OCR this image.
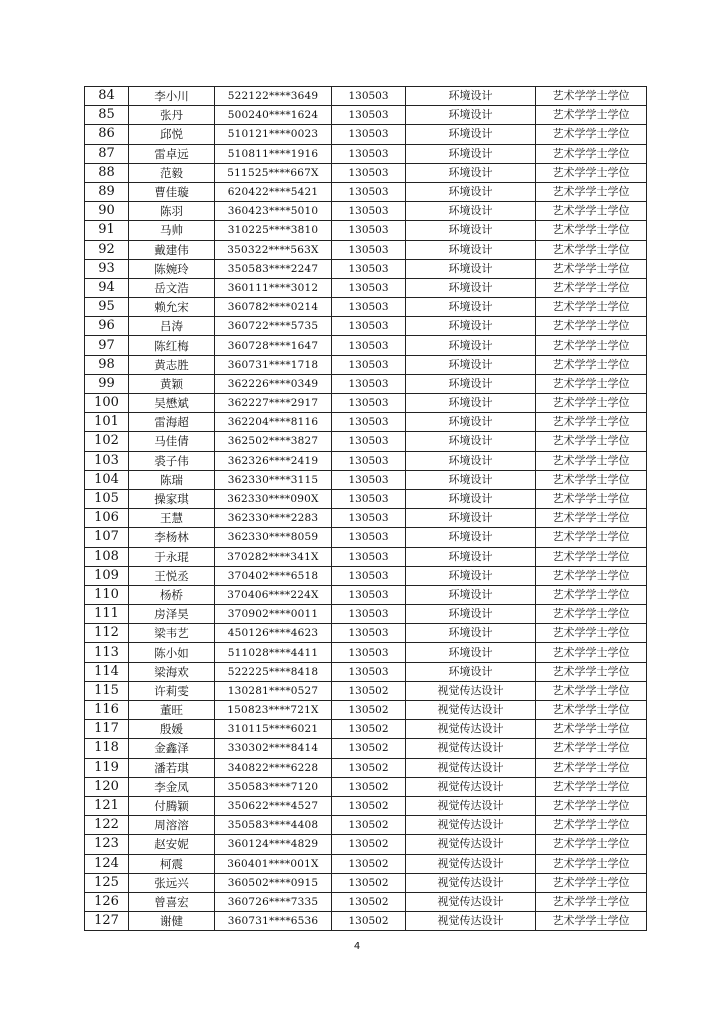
84	李小川	522122****3649	130503	环境设计	艺术学学士学位
85	张丹	500240****1624	130503	环境设计	艺术学学士学位
86	邱悦	510121****0023	130503	环境设计	艺术学学士学位
87	雷卓远	510811****1916	130503	环境设计	艺术学学士学位
88	范毅	511525****667X	130503	环境设计	艺术学学士学位
89	曹佳璇	620422****5421	130503	环境设计	艺术学学士学位
90	陈羽	360423****5010	130503	环境设计	艺术学学士学位
91	马帅	310225****3810	130503	环境设计	艺术学学士学位
92	戴建伟	350322****563X	130503	环境设计	艺术学学士学位
93	陈婉玲	350583****2247	130503	环境设计	艺术学学士学位
94	岳文浩	360111****3012	130503	环境设计	艺术学学士学位
95	赖允宋	360782****0214	130503	环境设计	艺术学学士学位
96	吕涛	360722****5735	130503	环境设计	艺术学学士学位
97	陈红梅	360728****1647	130503	环境设计	艺术学学士学位
98	黄志胜	360731****1718	130503	环境设计	艺术学学士学位
99	黄颖	362226****0349	130503	环境设计	艺术学学士学位
100	吴懋斌	362227****2917	130503	环境设计	艺术学学士学位
101	雷海超	362204****8116	130503	环境设计	艺术学学士学位
102	马佳倩	362502****3827	130503	环境设计	艺术学学士学位
103	裘子伟	362326****2419	130503	环境设计	艺术学学士学位
104	陈瑞	362330****3115	130503	环境设计	艺术学学士学位
105	操家琪	362330****090X	130503	环境设计	艺术学学士学位
106	王慧	362330****2283	130503	环境设计	艺术学学士学位
107	李杨林	362330****8059	130503	环境设计	艺术学学士学位
108	于永琨	370282****341X	130503	环境设计	艺术学学士学位
109	王悦丞	370402****6518	130503	环境设计	艺术学学士学位
110	杨桥	370406****224X	130503	环境设计	艺术学学士学位
111	房泽昊	370902****0011	130503	环境设计	艺术学学士学位
112	梁韦艺	450126****4623	130503	环境设计	艺术学学士学位
113	陈小如	511028****4411	130503	环境设计	艺术学学士学位
114	梁海欢	522225****8418	130503	环境设计	艺术学学士学位
115	许莉雯	130281****0527	130502	视觉传达设计	艺术学学士学位
116	董旺	150823****721X	130502	视觉传达设计	艺术学学士学位
117	殷媛	310115****6021	130502	视觉传达设计	艺术学学士学位
118	金鑫泽	330302****8414	130502	视觉传达设计	艺术学学士学位
119	潘若琪	340822****6228	130502	视觉传达设计	艺术学学士学位
120	李金凤	350583****7120	130502	视觉传达设计	艺术学学士学位
121	付腾颖	350622****4527	130502	视觉传达设计	艺术学学士学位
122	周溶溶	350583****4408	130502	视觉传达设计	艺术学学士学位
123	赵安妮	360124****4829	130502	视觉传达设计	艺术学学士学位
124	柯震	360401****001X	130502	视觉传达设计	艺术学学士学位
125	张远兴	360502****0915	130502	视觉传达设计	艺术学学士学位
126	曾喜宏	360726****7335	130502	视觉传达设计	艺术学学士学位
127	谢健	360731****6536	130502	视觉传达设计	艺术学学士学位
4
